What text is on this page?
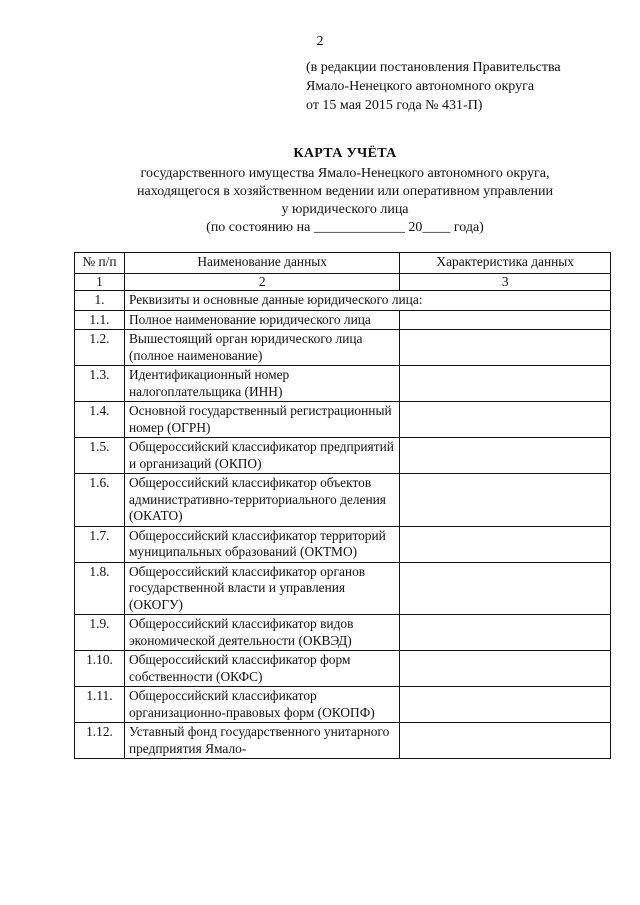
2
(в редакции постановления Правительства
Ямало-Ненецкого автономного округа
от 15 мая 2015 года № 431-П)
КАРТА УЧЁТА
государственного имущества Ямало-Ненецкого автономного округа,
находящегося в хозяйственном ведении или оперативном управлении
у юридического лица
(по состоянию на _____________ 20____ года)
№ п/п	Наименование данных	Характеристика данных
1	2	3
1.	Реквизиты и основные данные юридического лица:	
1.1.	Полное наименование юридического лица	
1.2.	Вышестоящий орган юридического лица (полное наименование)	
1.3.	Идентификационный номер налогоплательщика (ИНН)	
1.4.	Основной государственный регистрационный номер (ОГРН)	
1.5.	Общероссийский классификатор предприятий и организаций (ОКПО)	
1.6.	Общероссийский классификатор объектов административно-территориального деления (ОКАТО)	
1.7.	Общероссийский классификатор территорий муниципальных образований (ОКТМО)	
1.8.	Общероссийский классификатор органов государственной власти и управления (ОКОГУ)	
1.9.	Общероссийский классификатор видов экономической деятельности (ОКВЭД)	
1.10.	Общероссийский классификатор форм собственности (ОКФС)	
1.11.	Общероссийский классификатор организационно-правовых форм (ОКОПФ)	
1.12.	Уставный фонд государственного унитарного предприятия Ямало-	
